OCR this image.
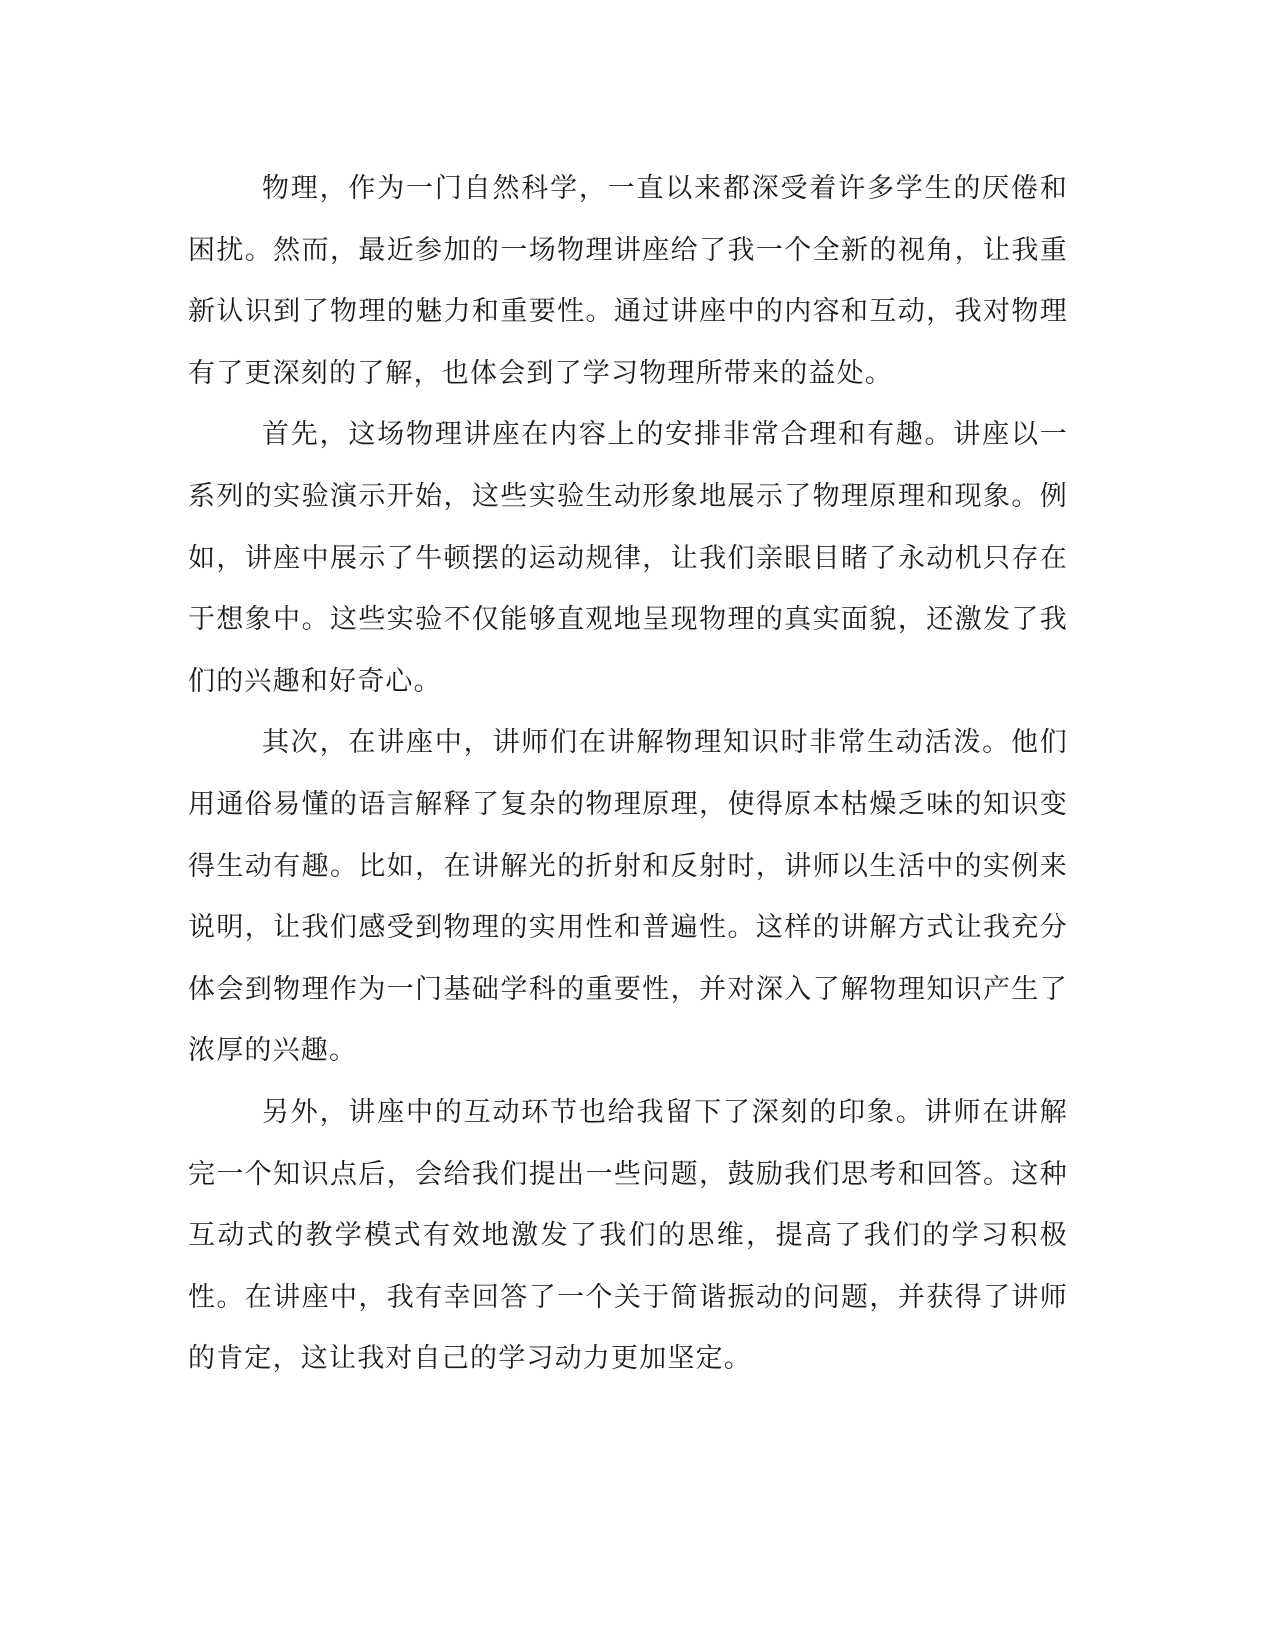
物理，作为一门自然科学，一直以来都深受着许多学生的厌倦和困扰。然而，最近参加的一场物理讲座给了我一个全新的视角，让我重新认识到了物理的魅力和重要性。通过讲座中的内容和互动，我对物理有了更深刻的了解，也体会到了学习物理所带来的益处。

首先，这场物理讲座在内容上的安排非常合理和有趣。讲座以一系列的实验演示开始，这些实验生动形象地展示了物理原理和现象。例如，讲座中展示了牛顿摆的运动规律，让我们亲眼目睹了永动机只存在于想象中。这些实验不仅能够直观地呈现物理的真实面貌，还激发了我们的兴趣和好奇心。

其次，在讲座中，讲师们在讲解物理知识时非常生动活泼。他们用通俗易懂的语言解释了复杂的物理原理，使得原本枯燥乏味的知识变得生动有趣。比如，在讲解光的折射和反射时，讲师以生活中的实例来说明，让我们感受到物理的实用性和普遍性。这样的讲解方式让我充分体会到物理作为一门基础学科的重要性，并对深入了解物理知识产生了浓厚的兴趣。

另外，讲座中的互动环节也给我留下了深刻的印象。讲师在讲解完一个知识点后，会给我们提出一些问题，鼓励我们思考和回答。这种互动式的教学模式有效地激发了我们的思维，提高了我们的学习积极性。在讲座中，我有幸回答了一个关于简谐振动的问题，并获得了讲师的肯定，这让我对自己的学习动力更加坚定。
